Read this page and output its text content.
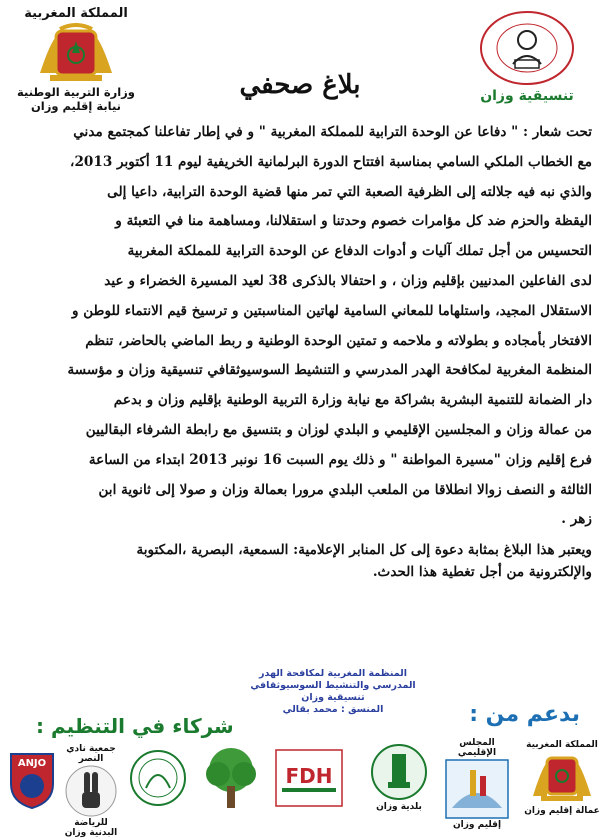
المملكة المغربية
وزارة التربية الوطنية
نيابة إقليم وزان
تنسيقية وزان
بلاغ صحفي

تحت شعار : " دفاعا عن الوحدة الترابية للمملكة المغربية " و في إطار تفاعلنا كمجتمع مدني

مع الخطاب الملكي السامي بمناسبة افتتاح الدورة البرلمانية الخريفية ليوم 11 أكتوبر 2013،

والذي نبه فيه جلالته إلى الظرفية الصعبة التي تمر منها قضية الوحدة الترابية، داعيا إلى

اليقظة والحزم ضد كل مؤامرات خصوم وحدتنا و استقلالنا، ومساهمة منا في التعبئة و

التحسيس من أجل تملك آليات و أدوات الدفاع عن الوحدة الترابية للمملكة المغربية

لدى الفاعلين المدنيين بإقليم وزان ، و احتفالا بالذكرى 38 لعيد المسيرة الخضراء و عيد

الاستقلال المجيد، واستلهاما للمعاني السامية لهاتين المناسبتين و ترسيخ قيم الانتماء للوطن و

الافتخار بأمجاده و بطولاته و ملاحمه و تمتين الوحدة الوطنية و ربط الماضي بالحاضر، تنظم

المنظمة المغربية لمكافحة الهدر المدرسي و التنشيط السوسيوثقافي تنسيقية وزان و مؤسسة

دار الضمانة للتنمية البشرية بشراكة مع نيابة وزارة التربية الوطنية بإقليم وزان و بدعم

من عمالة وزان و المجلسين الإقليمي و البلدي لوزان و بتنسيق مع رابطة الشرفاء البقاليين

فرع إقليم وزان "مسيرة المواطنة " و ذلك يوم السبت 16 نونبر 2013 ابتداء من الساعة

الثالثة و النصف زوالا انطلاقا من الملعب البلدي مرورا بعمالة وزان و صولا إلى ثانوية ابن

زهر .

ويعتبر هذا البلاغ بمثابة دعوة إلى كل المنابر الإعلامية: السمعية، البصرية ،المكتوبة

والإلكترونية من أجل تغطية هذا الحدث.

المنظمة المغربية لمكافحة الهدر
المدرسي والتنشيط السوسيوثقافي
تنسيقية وزان
المنسق : محمد بقالي	بدعم من :
شركاء في التنظيم :
المملكة المغربية
عمالة إقليم وزان
المجلس الإقليمي
إقليم وزان
بلدية وزان
FDH
جمعية نادي النصر
للرياضة البدنية وزان
ANJO
